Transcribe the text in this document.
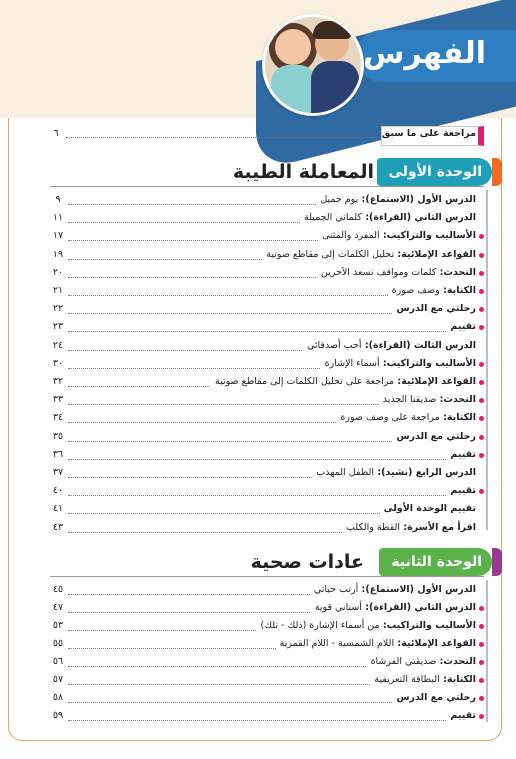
الفهرس
مراجعة على ما سبق
٦
الوحدة الأولى
المعاملة الطيبة
الدرس الأول (الاستماع): يوم جميل
٩
الدرس الثاني (القراءة): كلماتي الجميلة
١١
الأساليب والتراكيب: المفرد والمثنى
١٧
القواعد الإملائية: تحليل الكلمات إلى مقاطع صوتية
١٩
التحدث: كلمات ومواقف تسعد الآخرين
٢٠
الكتابة: وصف صورة
٢١
رحلتي مع الدرس
٢٢
تقييم
٢٣
الدرس الثالث (القراءة): أحب أصدقائي
٢٤
الأساليب والتراكيب: أسماء الإشارة
٣٠
القواعد الإملائية: مراجعة على تحليل الكلمات إلى مقاطع صوتية
٣٢
التحدث: صديقنا الجديد
٣٣
الكتابة: مراجعة على وصف صورة
٣٤
رحلتي مع الدرس
٣٥
تقييم
٣٦
الدرس الرابع (نشيد): الطفل المهذب
٣٧
تقييم
٤٠
تقييم الوحدة الأولى
٤١
اقرأ مع الأسرة: القطة والكلب
٤٣
الوحدة الثانية
عادات صحية
الدرس الأول (الاستماع): أرتب حياتي
٤٥
الدرس الثاني (القراءة): أسناني قوية
٤٧
الأساليب والتراكيب: من أسماء الإشارة (ذلك - تلك)
٥٣
القواعد الإملائية: اللام الشمسية - اللام القمرية
٥٥
التحدث: صديقتي الفرشاة
٥٦
الكتابة: البطاقة التعريفية
٥٧
رحلتي مع الدرس
٥٨
تقييم
٥٩
